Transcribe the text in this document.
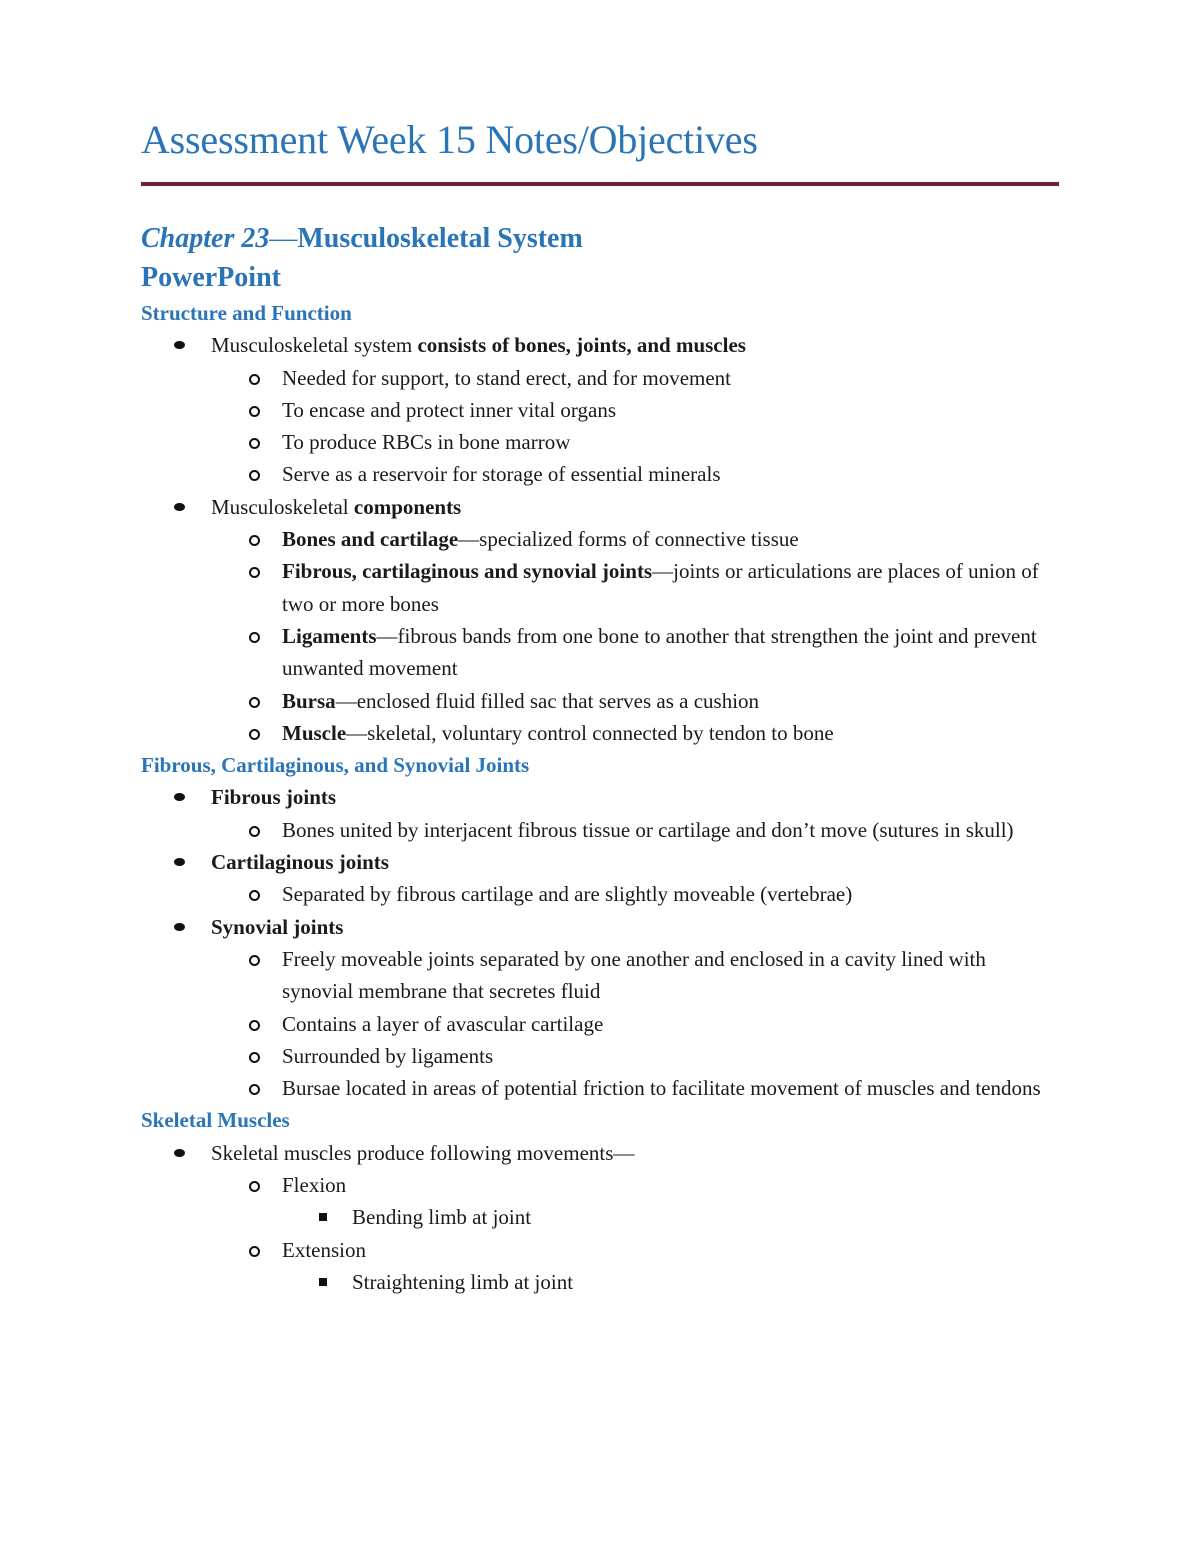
Assessment Week 15 Notes/Objectives
Chapter 23—Musculoskeletal System
PowerPoint

Structure and Function

Musculoskeletal system consists of bones, joints, and muscles

Needed for support, to stand erect, and for movement

To encase and protect inner vital organs

To produce RBCs in bone marrow

Serve as a reservoir for storage of essential minerals

Musculoskeletal components

Bones and cartilage—specialized forms of connective tissue

Fibrous, cartilaginous and synovial joints—joints or articulations are places of union of two or more bones

Ligaments—fibrous bands from one bone to another that strengthen the joint and prevent unwanted movement

Bursa—enclosed fluid filled sac that serves as a cushion

Muscle—skeletal, voluntary control connected by tendon to bone

Fibrous, Cartilaginous, and Synovial Joints

Fibrous joints

Bones united by interjacent fibrous tissue or cartilage and don’t move (sutures in skull)

Cartilaginous joints

Separated by fibrous cartilage and are slightly moveable (vertebrae)

Synovial joints

Freely moveable joints separated by one another and enclosed in a cavity lined with synovial membrane that secretes fluid

Contains a layer of avascular cartilage

Surrounded by ligaments

Bursae located in areas of potential friction to facilitate movement of muscles and tendons

Skeletal Muscles

Skeletal muscles produce following movements—

Flexion

Bending limb at joint

Extension

Straightening limb at joint
